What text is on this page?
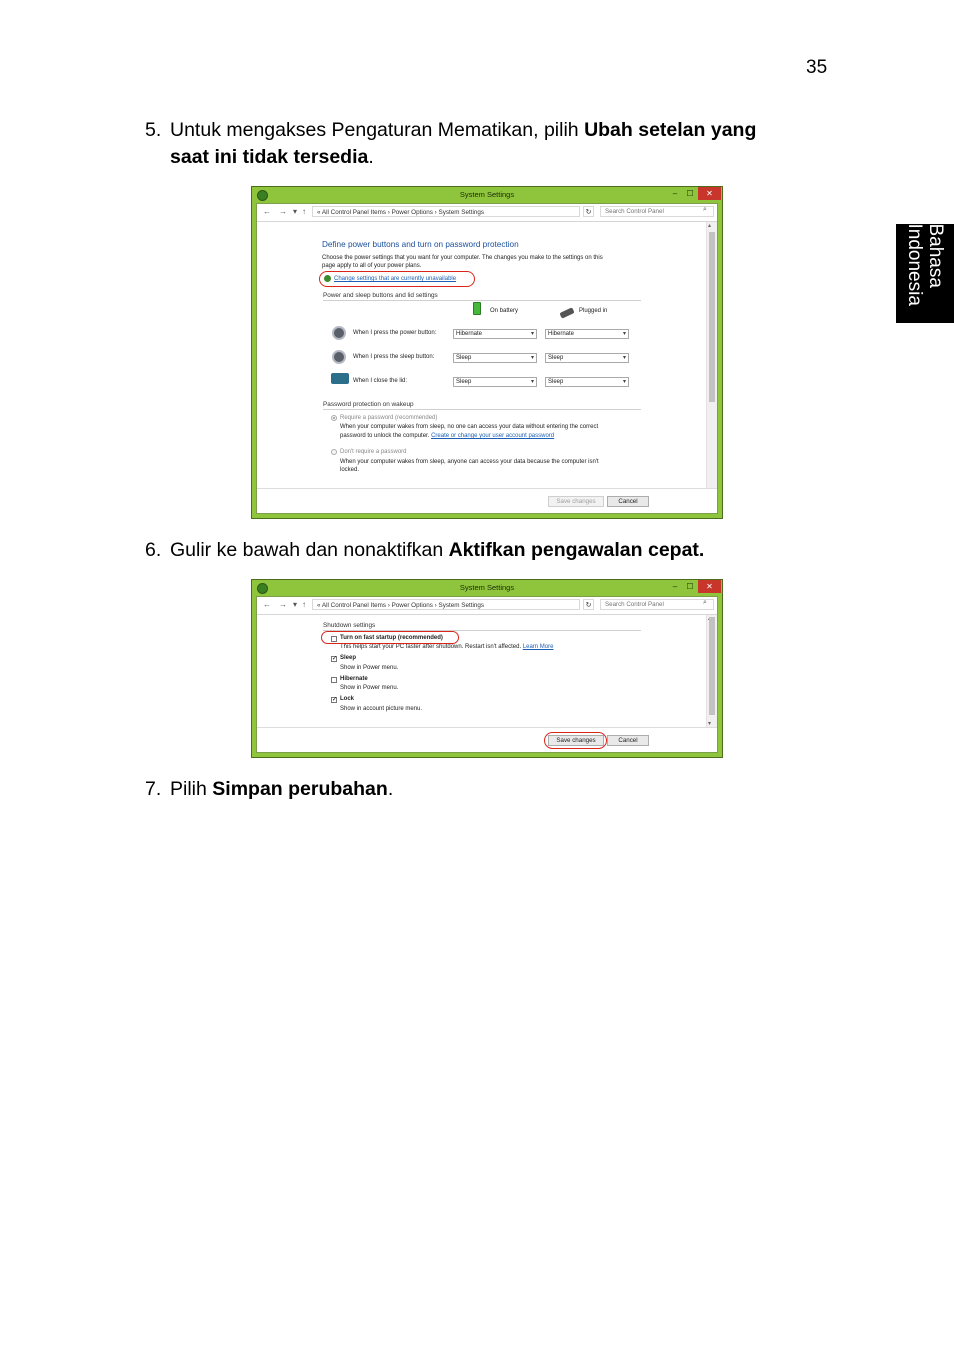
35
Bahasa
Indonesia
5. Untuk mengakses Pengaturan Mematikan, pilih Ubah setelan yang
saat ini tidak tersedia.
System Settings	–	☐	✕
← → ▾ ↑	« All Control Panel Items › Power Options › System Settings	↻
Search Control Panel	⌕
Define power buttons and turn on password protection
Choose the power settings that you want for your computer. The changes you make to the settings on this
page apply to all of your power plans.
Change settings that are currently unavailable
Power and sleep buttons and lid settings
On battery	Plugged in
When I press the power button:	Hibernate	▾	Hibernate	▾
When I press the sleep button:	Sleep	▾	Sleep	▾
When I close the lid:	Sleep	▾	Sleep	▾
Password protection on wakeup
Require a password (recommended)
When your computer wakes from sleep, no one can access your data without entering the correct
password to unlock the computer. Create or change your user account password
Don't require a password
When your computer wakes from sleep, anyone can access your data because the computer isn't
locked.
▴
Save changes	Cancel
6. Gulir ke bawah dan nonaktifkan Aktifkan pengawalan cepat.
System Settings	–	☐	✕
← → ▾ ↑	« All Control Panel Items › Power Options › System Settings	↻
Search Control Panel	⌕
Shutdown settings
Turn on fast startup (recommended)
This helps start your PC faster after shutdown. Restart isn't affected. Learn More
✓ Sleep
Show in Power menu.
Hibernate
Show in Power menu.
✓ Lock
Show in account picture menu.
▾
Save changes	Cancel
7. Pilih Simpan perubahan.
